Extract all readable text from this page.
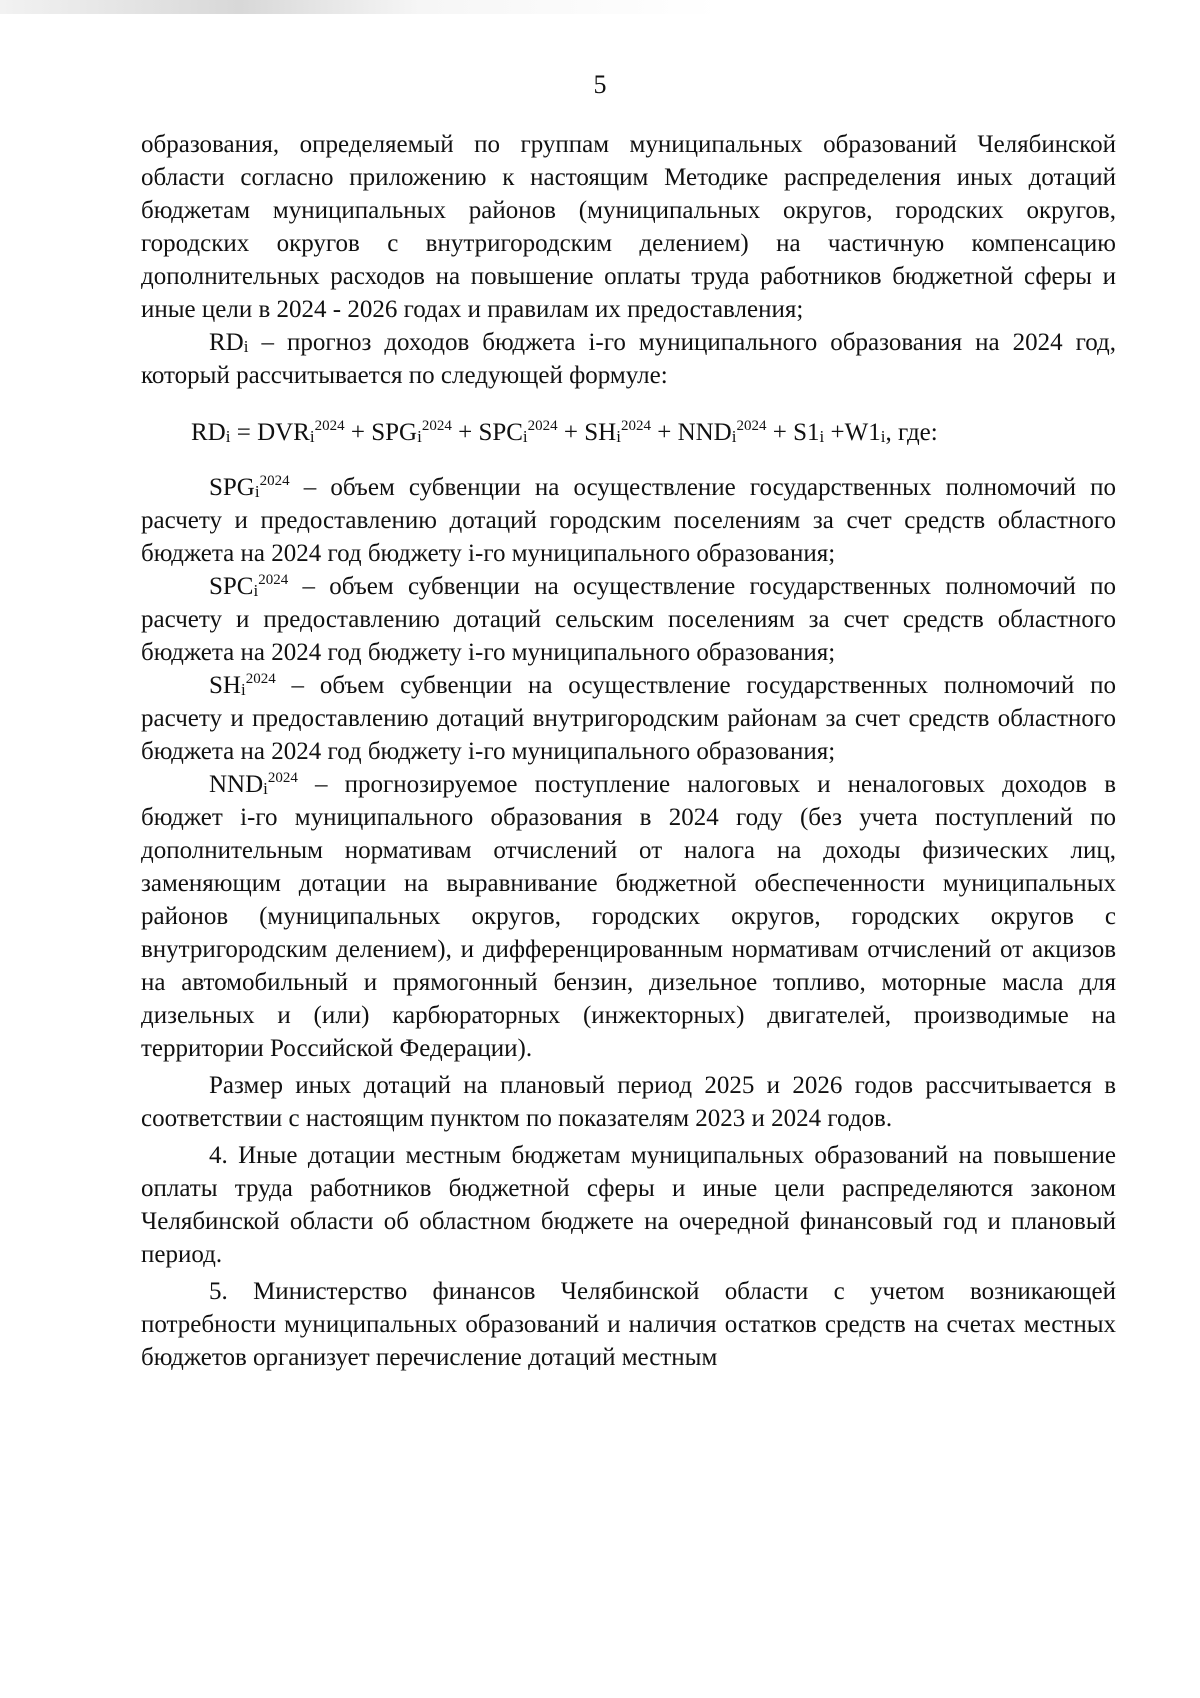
5

образования, определяемый по группам муниципальных образований Челябинской области согласно приложению к настоящим Методике распределения иных дотаций бюджетам муниципальных районов (муниципальных округов, городских округов, городских округов с внутригородским делением) на частичную компенсацию дополнительных расходов на повышение оплаты труда работников бюджетной сферы и иные цели в 2024 - 2026 годах и правилам их предоставления;

$RD_i$ – прогноз доходов бюджета i-го муниципального образования на 2024 год, который рассчитывается по следующей формуле:

$RD_i = DVR_i^{2024} + SPG_i^{2024} + SPC_i^{2024} + SH_i^{2024} + NND_i^{2024} + S1_i +W1_i$, где:

$SPG_i^{2024}$ – объем субвенции на осуществление государственных полномочий по расчету и предоставлению дотаций городским поселениям за счет средств областного бюджета на 2024 год бюджету i-го муниципального образования;

$SPC_i^{2024}$ – объем субвенции на осуществление государственных полномочий по расчету и предоставлению дотаций сельским поселениям за счет средств областного бюджета на 2024 год бюджету i-го муниципального образования;

$SH_i^{2024}$ – объем субвенции на осуществление государственных полномочий по расчету и предоставлению дотаций внутригородским районам за счет средств областного бюджета на 2024 год бюджету i-го муниципального образования;

$NND_i^{2024}$ – прогнозируемое поступление налоговых и неналоговых доходов в бюджет i-го муниципального образования в 2024 году (без учета поступлений по дополнительным нормативам отчислений от налога на доходы физических лиц, заменяющим дотации на выравнивание бюджетной обеспеченности муниципальных районов (муниципальных округов, городских округов, городских округов с внутригородским делением), и дифференцированным нормативам отчислений от акцизов на автомобильный и прямогонный бензин, дизельное топливо, моторные масла для дизельных и (или) карбюраторных (инжекторных) двигателей, производимые на территории Российской Федерации).

Размер иных дотаций на плановый период 2025 и 2026 годов рассчитывается в соответствии с настоящим пунктом по показателям 2023 и 2024 годов.

4. Иные дотации местным бюджетам муниципальных образований на повышение оплаты труда работников бюджетной сферы и иные цели распределяются законом Челябинской области об областном бюджете на очередной финансовый год и плановый период.

5. Министерство финансов Челябинской области с учетом возникающей потребности муниципальных образований и наличия остатков средств на счетах местных бюджетов организует перечисление дотаций местным
